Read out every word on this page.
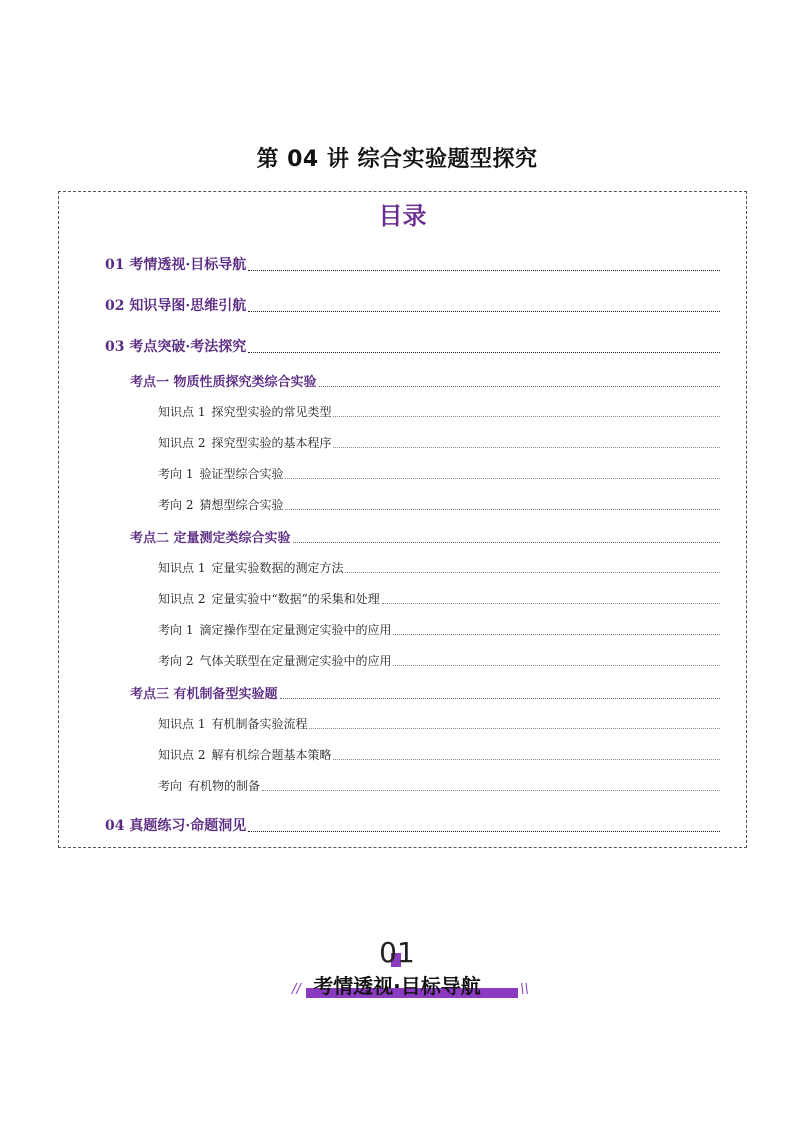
第 04 讲 综合实验题型探究
目录
01 考情透视·目标导航
02 知识导图·思维引航
03 考点突破·考法探究
考点一 物质性质探究类综合实验
知识点 1 探究型实验的常见类型
知识点 2 探究型实验的基本程序
考向 1 验证型综合实验
考向 2 猜想型综合实验
考点二 定量测定类综合实验
知识点 1 定量实验数据的测定方法
知识点 2 定量实验中“数据”的采集和处理
考向 1 滴定操作型在定量测定实验中的应用
考向 2 气体关联型在定量测定实验中的应用
考点三 有机制备型实验题
知识点 1 有机制备实验流程
知识点 2 解有机综合题基本策略
考向 有机物的制备
04 真题练习·命题洞见
01
// 考情透视·目标导航	\\
